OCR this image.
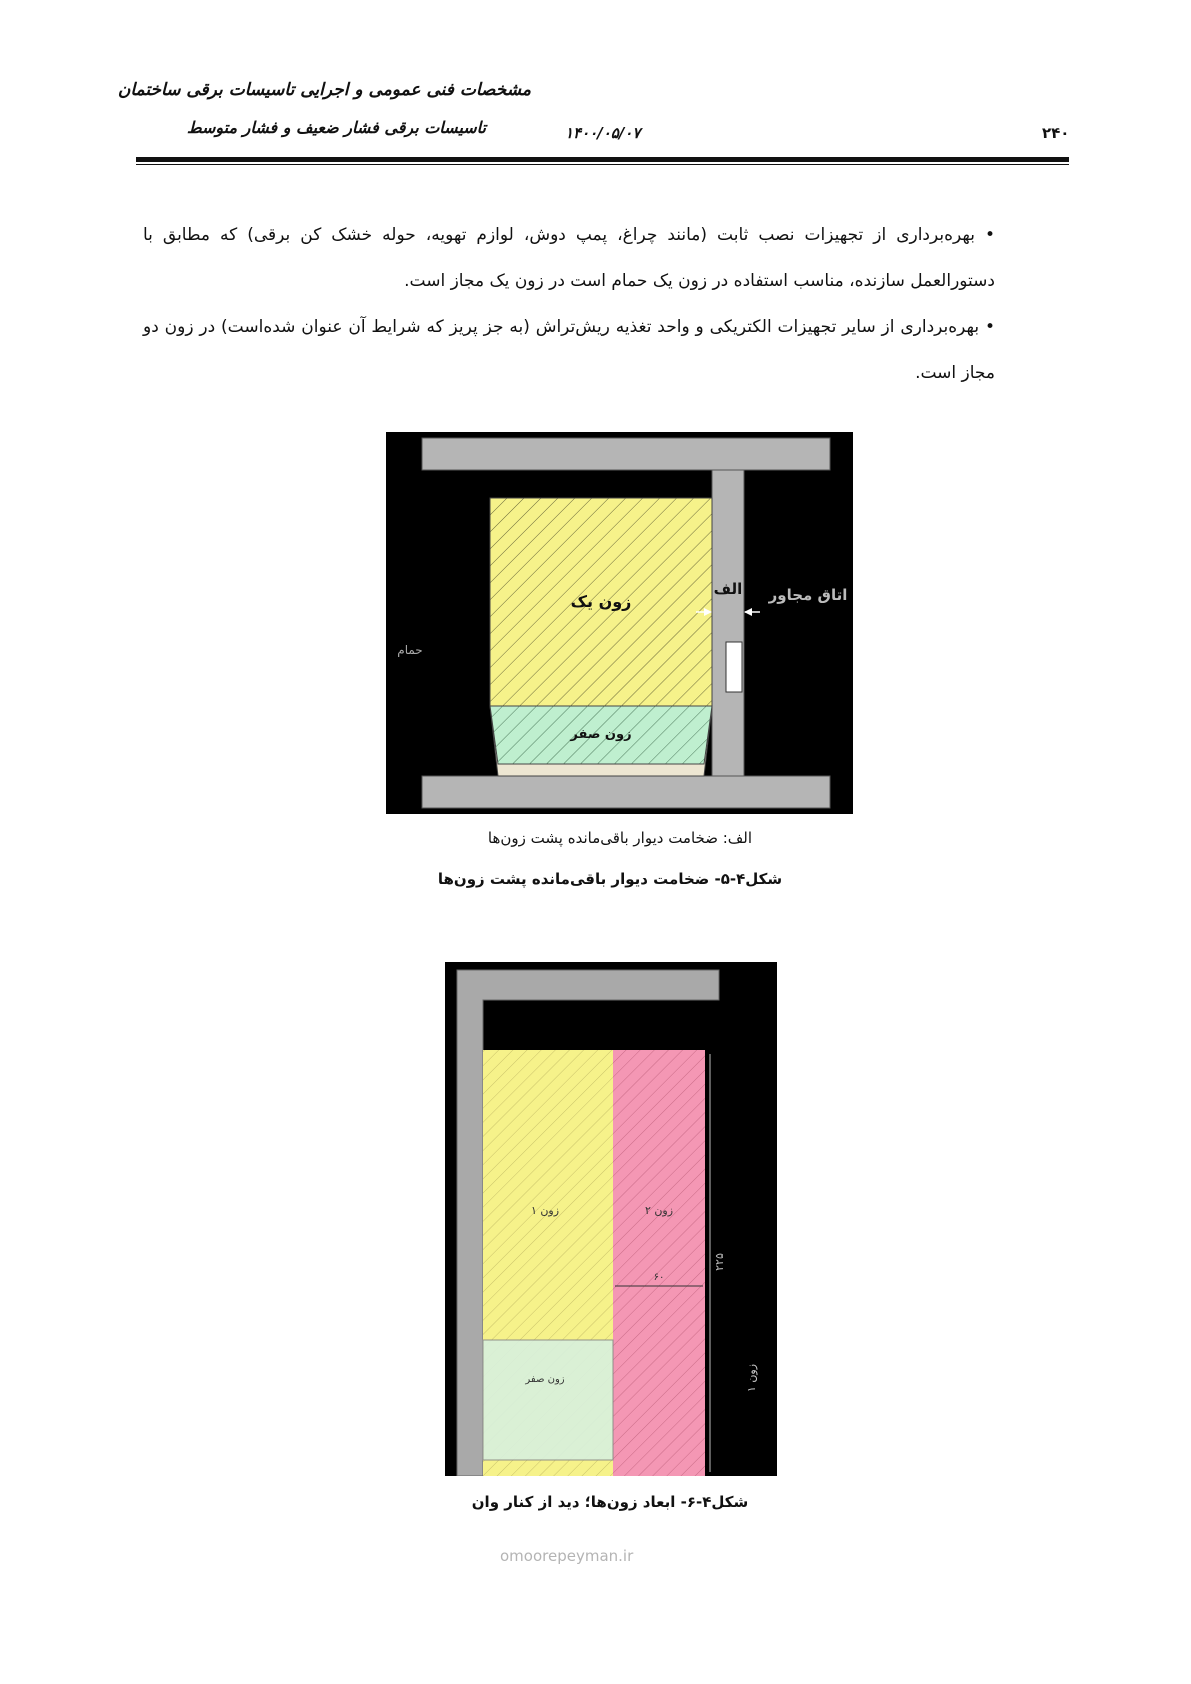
مشخصات فنی عمومی و اجرایی تاسیسات برقی ساختمان
تاسیسات برقی فشار ضعیف و فشار متوسط	۱۴۰۰/۰۵/۰۷	۲۴۰
• بهره‌برداری از تجهیزات نصب ثابت (مانند چراغ، پمپ دوش، لوازم تهویه، حوله خشک کن برقی) که مطابق با دستورالعمل سازنده، مناسب استفاده در زون یک حمام است در زون یک مجاز است.
• بهره‌برداری از سایر تجهیزات الکتریکی و واحد تغذیه ریش‌تراش (به جز پریز که شرایط آن عنوان شده‌است) در زون دو مجاز است.
زون یک
زون صفر
الف اتاق مجاور
حمام
الف: ضخامت دیوار باقی‌مانده پشت زون‌ها
شکل۴-۵- ضخامت دیوار باقی‌مانده پشت زون‌ها
زون ۱	زون ۲
زون صفر
۶۰
۲۲۵
زون ۱
شکل۴-۶- ابعاد زون‌ها؛ دید از کنار وان
omoorepeyman.ir
